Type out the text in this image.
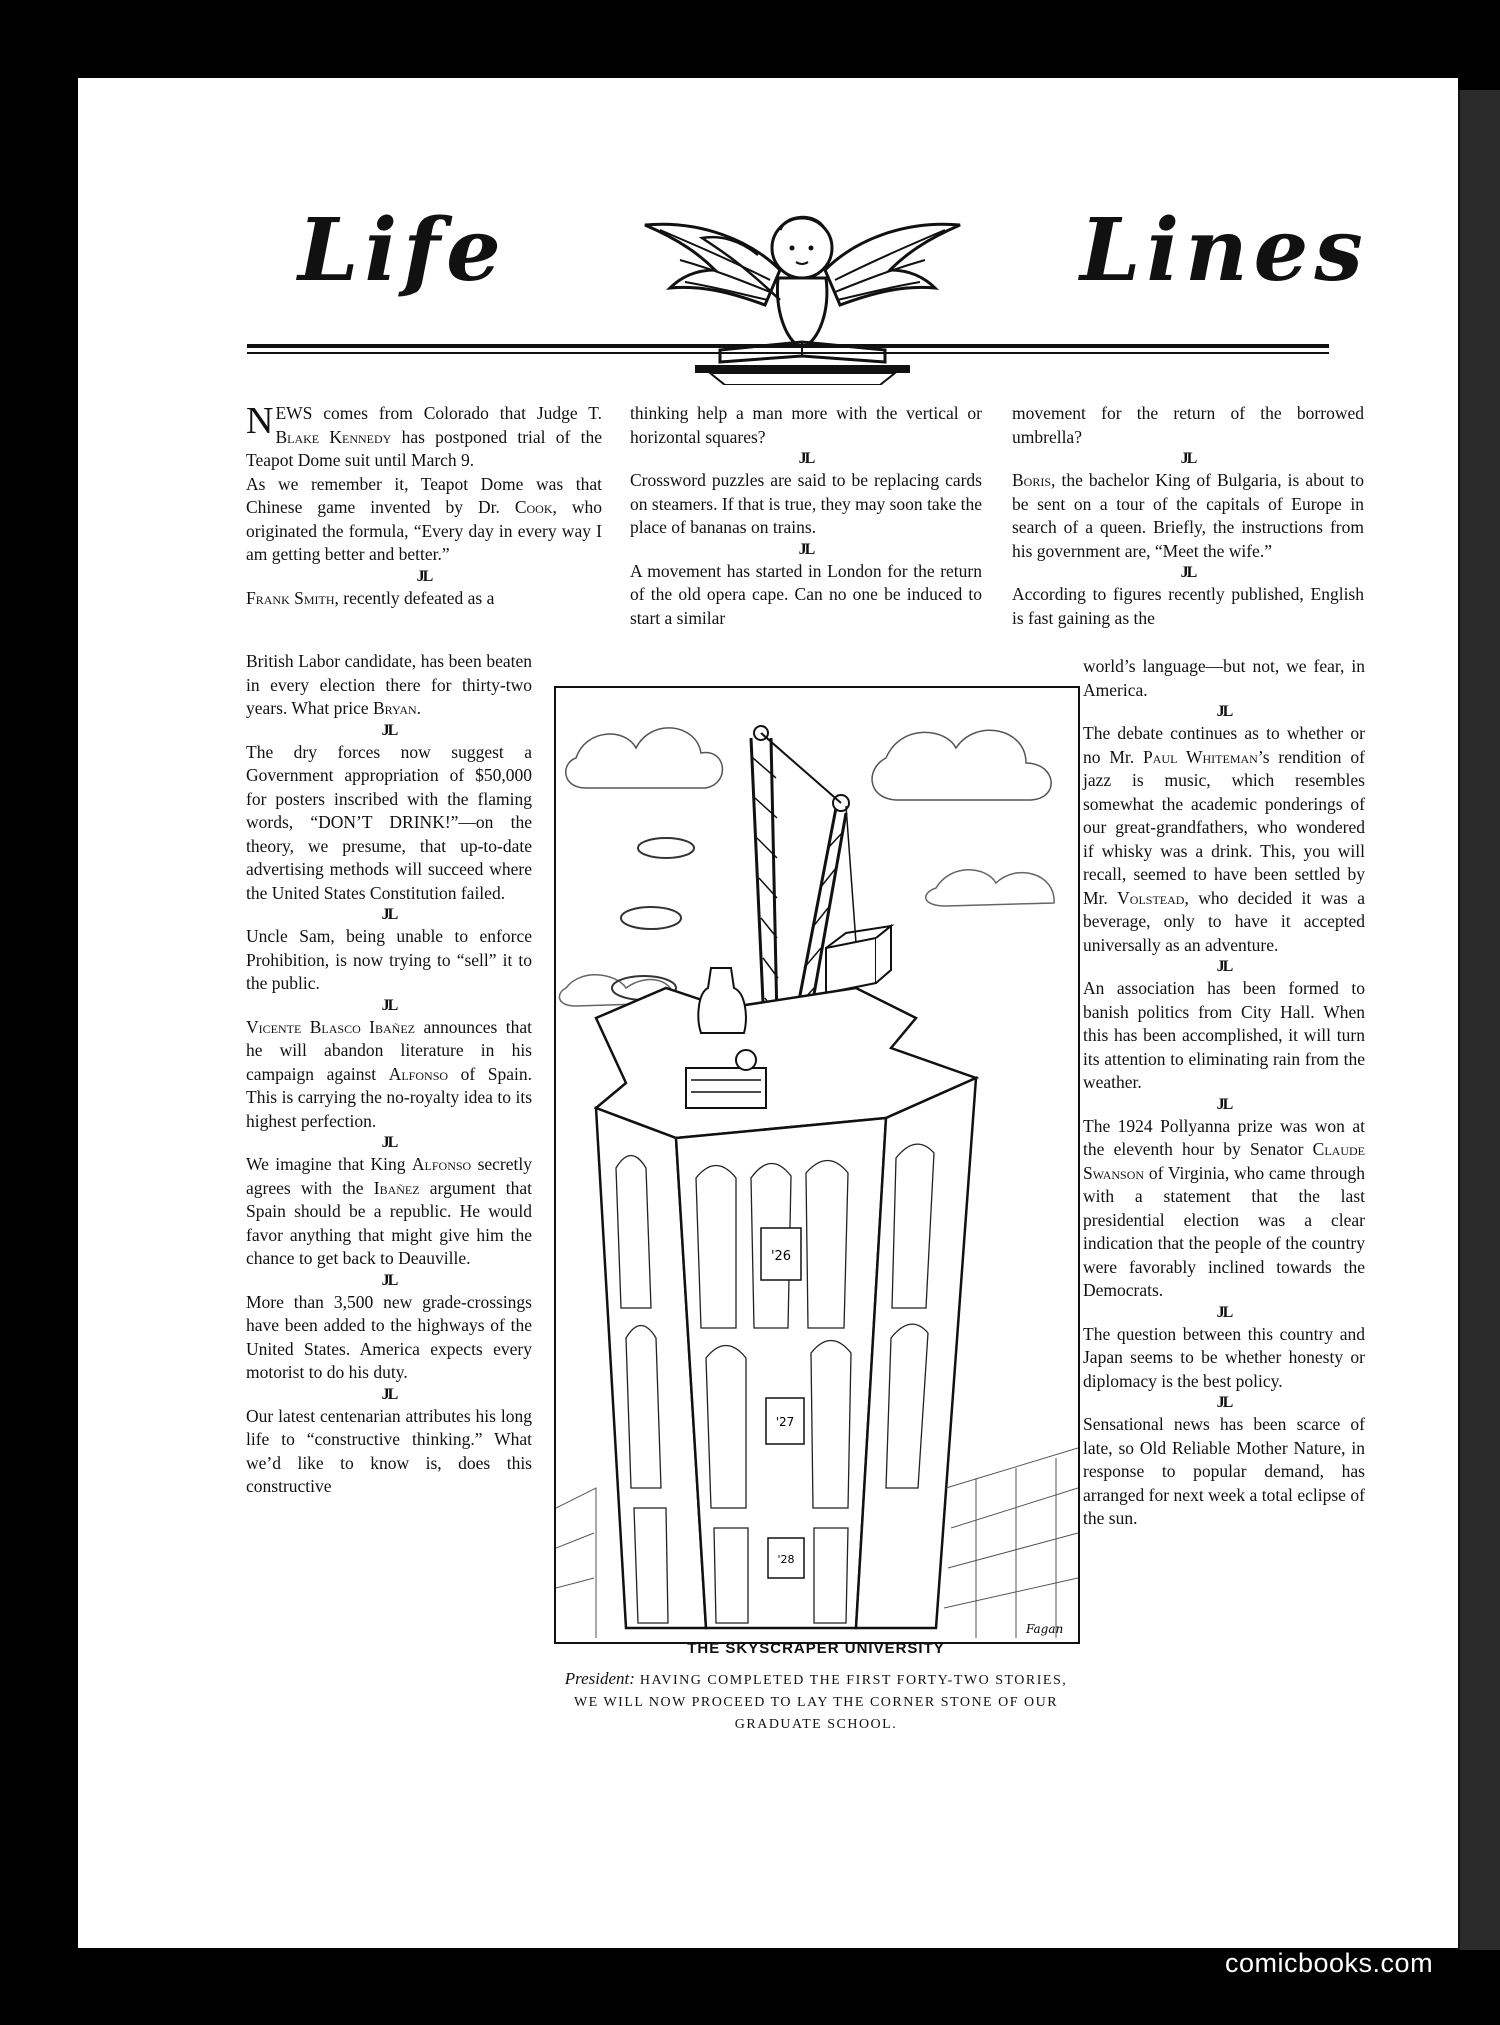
Life	Lines

NEWS comes from Colorado that Judge T. Blake Kennedy has postponed trial of the Teapot Dome suit until March 9.

As we remember it, Teapot Dome was that Chinese game invented by Dr. Cook, who originated the formula, “Every day in every way I am getting better and better.”

JL

Frank Smith, recently defeated as a

British Labor candidate, has been beaten in every election there for thirty-two years. What price Bryan.

JL

The dry forces now suggest a Government appropriation of $50,000 for posters inscribed with the flaming words, “DON’T DRINK!”—on the theory, we presume, that up-to-date advertising methods will succeed where the United States Constitution failed.

JL

Uncle Sam, being unable to enforce Prohibition, is now trying to “sell” it to the public.

JL

Vicente Blasco Ibañez announces that he will abandon literature in his campaign against Alfonso of Spain. This is carrying the no-royalty idea to its highest perfection.

JL

We imagine that King Alfonso secretly agrees with the Ibañez argument that Spain should be a republic. He would favor anything that might give him the chance to get back to Deauville.

JL

More than 3,500 new grade-crossings have been added to the highways of the United States. America expects every motorist to do his duty.

JL

Our latest centenarian attributes his long life to “constructive thinking.” What we’d like to know is, does this constructive

thinking help a man more with the vertical or horizontal squares?

JL

Crossword puzzles are said to be replacing cards on steamers. If that is true, they may soon take the place of bananas on trains.

JL

A movement has started in London for the return of the old opera cape. Can no one be induced to start a similar

movement for the return of the borrowed umbrella?

JL

Boris, the bachelor King of Bulgaria, is about to be sent on a tour of the capitals of Europe in search of a queen. Briefly, the instructions from his government are, “Meet the wife.”

JL

According to figures recently published, English is fast gaining as the

world’s language—but not, we fear, in America.

JL

The debate continues as to whether or no Mr. Paul Whiteman’s rendition of jazz is music, which resembles somewhat the academic ponderings of our great-grandfathers, who wondered if whisky was a drink. This, you will recall, seemed to have been settled by Mr. Volstead, who decided it was a beverage, only to have it accepted universally as an adventure.

JL

An association has been formed to banish politics from City Hall. When this has been accomplished, it will turn its attention to eliminating rain from the weather.

JL

The 1924 Pollyanna prize was won at the eleventh hour by Senator Claude Swanson of Virginia, who came through with a statement that the last presidential election was a clear indication that the people of the country were favorably inclined towards the Democrats.

JL

The question between this country and Japan seems to be whether honesty or diplomacy is the best policy.

JL

Sensational news has been scarce of late, so Old Reliable Mother Nature, in response to popular demand, has arranged for next week a total eclipse of the sun.

'26
'27
'28
Fagan
THE SKYSCRAPER UNIVERSITY
President: HAVING COMPLETED THE FIRST FORTY-TWO STORIES, WE WILL NOW PROCEED TO LAY THE CORNER STONE OF OUR GRADUATE SCHOOL.
comicbooks.com
